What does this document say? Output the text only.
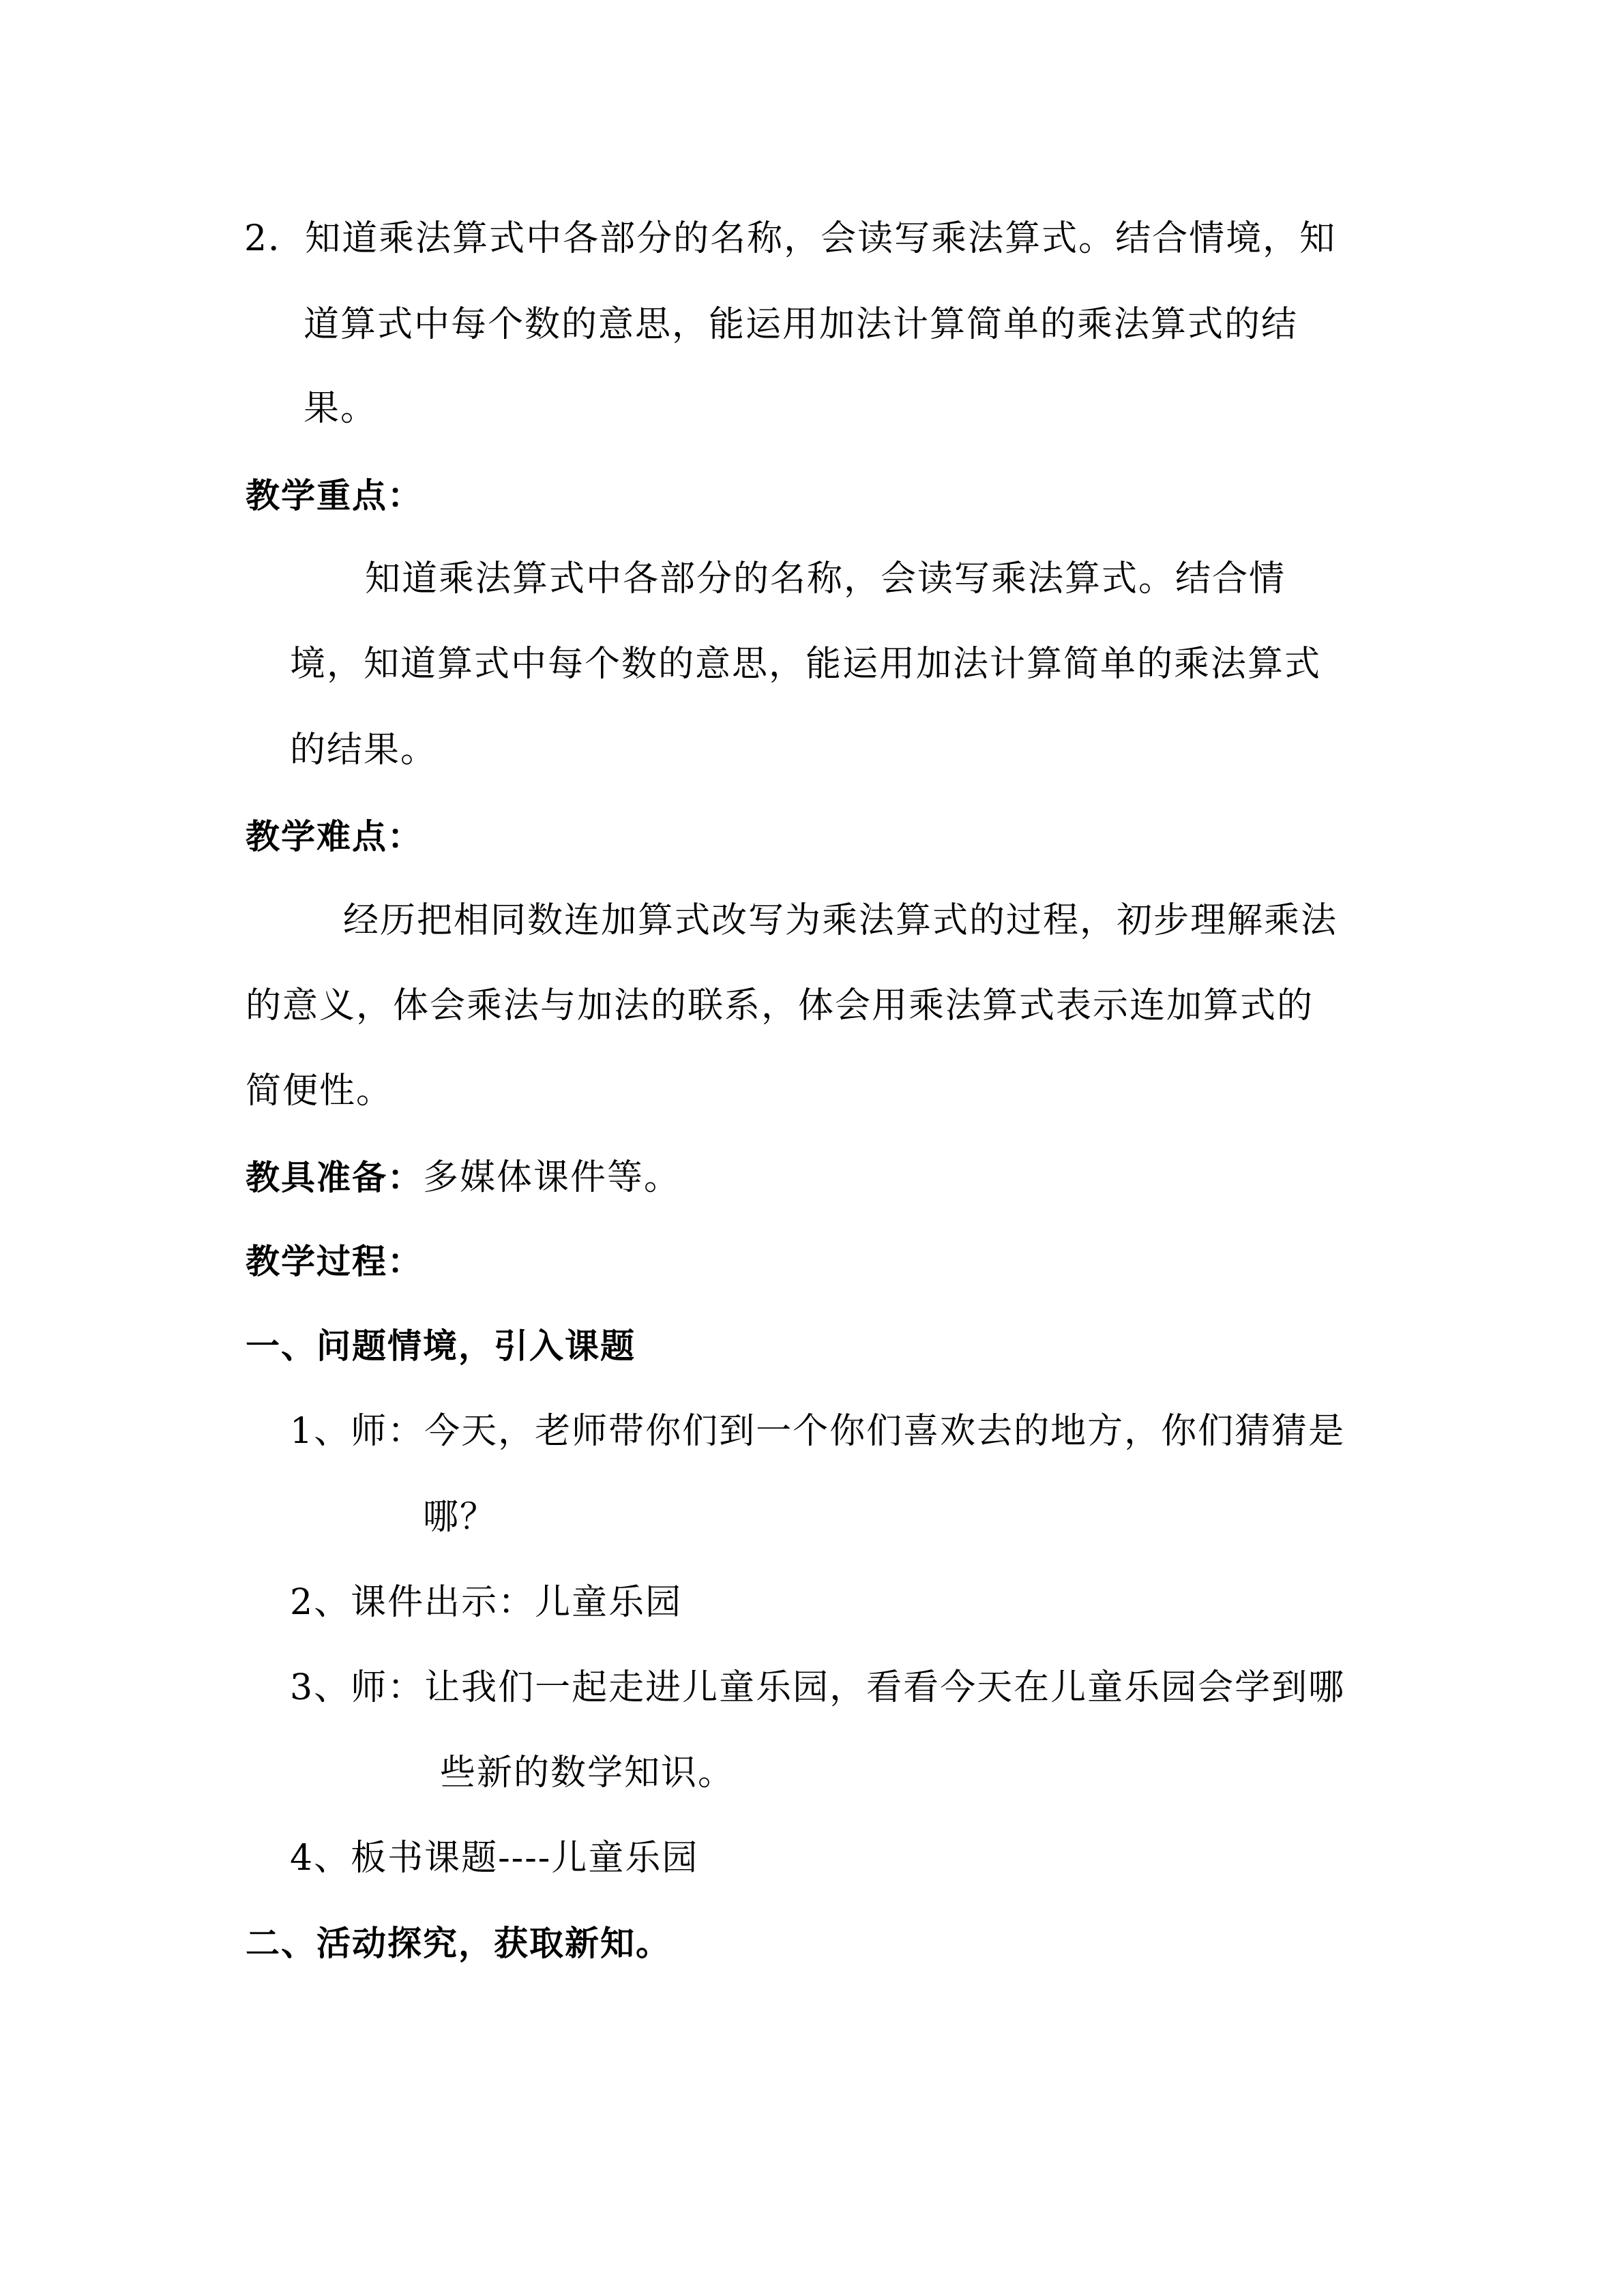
2．知道乘法算式中各部分的名称，会读写乘法算式。结合情境，知
道算式中每个数的意思，能运用加法计算简单的乘法算式的结
果。
教学重点：
知道乘法算式中各部分的名称，会读写乘法算式。结合情
境，知道算式中每个数的意思，能运用加法计算简单的乘法算式
的结果。
教学难点：
经历把相同数连加算式改写为乘法算式的过程，初步理解乘法
的意义，体会乘法与加法的联系，体会用乘法算式表示连加算式的
简便性。
教具准备：多媒体课件等。
教学过程：
一、问题情境，引入课题
1、师：今天，老师带你们到一个你们喜欢去的地方，你们猜猜是
哪？
2、课件出示：儿童乐园
3、师：让我们一起走进儿童乐园，看看今天在儿童乐园会学到哪
些新的数学知识。
4、板书课题----儿童乐园
二、活动探究，获取新知。
